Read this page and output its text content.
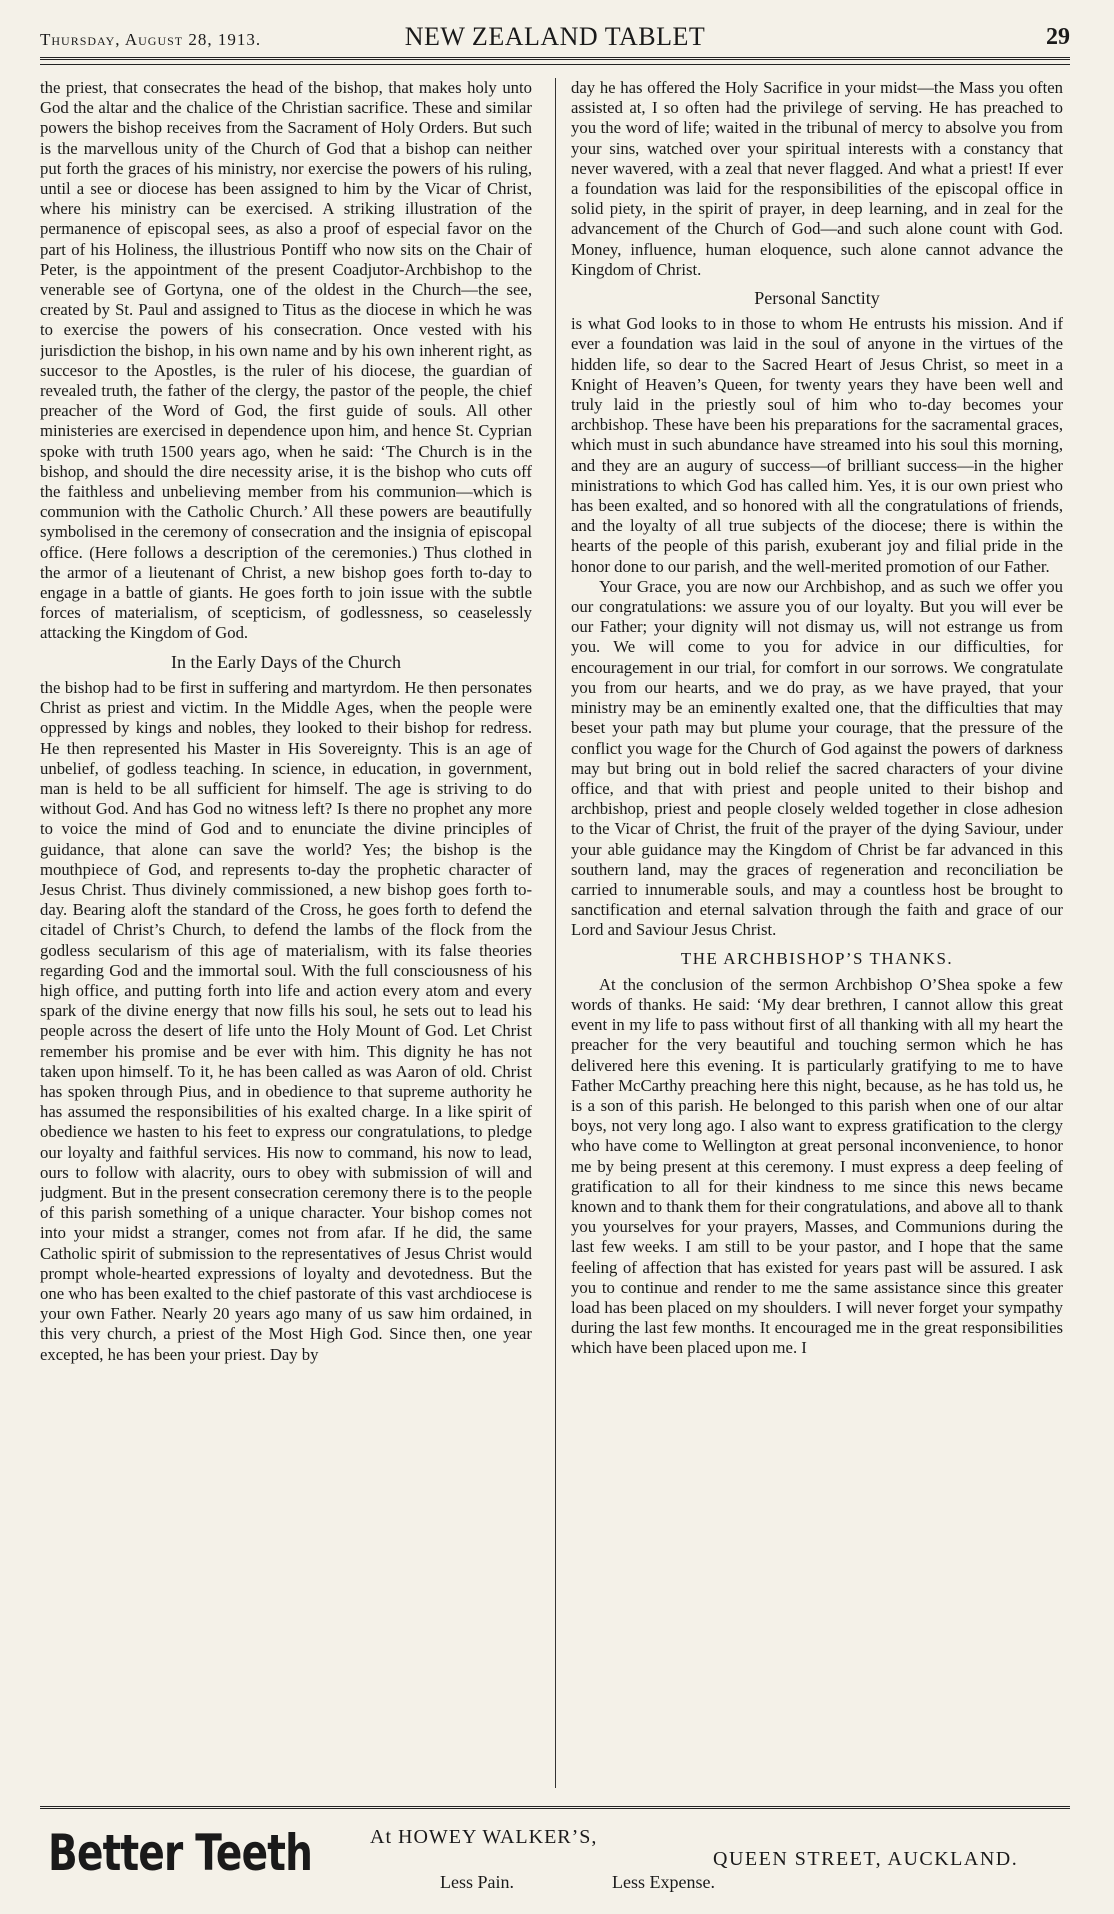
Thursday, August 28, 1913.	NEW ZEALAND TABLET	29

the priest, that consecrates the head of the bishop, that makes holy unto God the altar and the chalice of the Christian sacrifice. These and similar powers the bishop receives from the Sacrament of Holy Orders. But such is the marvellous unity of the Church of God that a bishop can neither put forth the graces of his ministry, nor exercise the powers of his ruling, until a see or diocese has been assigned to him by the Vicar of Christ, where his ministry can be exercised. A striking illustration of the permanence of episcopal sees, as also a proof of especial favor on the part of his Holiness, the illustrious Pontiff who now sits on the Chair of Peter, is the appointment of the present Coadjutor-Archbishop to the venerable see of Gortyna, one of the oldest in the Church—the see, created by St. Paul and assigned to Titus as the diocese in which he was to exercise the powers of his consecration. Once vested with his jurisdiction the bishop, in his own name and by his own inherent right, as succesor to the Apostles, is the ruler of his diocese, the guardian of revealed truth, the father of the clergy, the pastor of the people, the chief preacher of the Word of God, the first guide of souls. All other ministeries are exercised in dependence upon him, and hence St. Cyprian spoke with truth 1500 years ago, when he said: ‘The Church is in the bishop, and should the dire necessity arise, it is the bishop who cuts off the faithless and unbelieving member from his communion—which is communion with the Catholic Church.’ All these powers are beautifully symbolised in the ceremony of consecration and the insignia of episcopal office. (Here follows a description of the ceremonies.) Thus clothed in the armor of a lieutenant of Christ, a new bishop goes forth to-day to engage in a battle of giants. He goes forth to join issue with the subtle forces of materialism, of scepticism, of godlessness, so ceaselessly attacking the Kingdom of God.

In the Early Days of the Church

the bishop had to be first in suffering and martyrdom. He then personates Christ as priest and victim. In the Middle Ages, when the people were oppressed by kings and nobles, they looked to their bishop for redress. He then represented his Master in His Sovereignty. This is an age of unbelief, of godless teaching. In science, in education, in government, man is held to be all sufficient for himself. The age is striving to do without God. And has God no witness left? Is there no prophet any more to voice the mind of God and to enunciate the divine principles of guidance, that alone can save the world? Yes; the bishop is the mouthpiece of God, and represents to-day the prophetic character of Jesus Christ. Thus divinely commissioned, a new bishop goes forth to-day. Bearing aloft the standard of the Cross, he goes forth to defend the citadel of Christ’s Church, to defend the lambs of the flock from the godless secularism of this age of materialism, with its false theories regarding God and the immortal soul. With the full consciousness of his high office, and putting forth into life and action every atom and every spark of the divine energy that now fills his soul, he sets out to lead his people across the desert of life unto the Holy Mount of God. Let Christ remember his promise and be ever with him. This dignity he has not taken upon himself. To it, he has been called as was Aaron of old. Christ has spoken through Pius, and in obedience to that supreme authority he has assumed the responsibilities of his exalted charge. In a like spirit of obedience we hasten to his feet to express our congratulations, to pledge our loyalty and faithful services. His now to command, his now to lead, ours to follow with alacrity, ours to obey with submission of will and judgment. But in the present consecration ceremony there is to the people of this parish something of a unique character. Your bishop comes not into your midst a stranger, comes not from afar. If he did, the same Catholic spirit of submission to the representatives of Jesus Christ would prompt whole-hearted expressions of loyalty and devotedness. But the one who has been exalted to the chief pastorate of this vast archdiocese is your own Father. Nearly 20 years ago many of us saw him ordained, in this very church, a priest of the Most High God. Since then, one year excepted, he has been your priest. Day by

day he has offered the Holy Sacrifice in your midst—the Mass you often assisted at, I so often had the privilege of serving. He has preached to you the word of life; waited in the tribunal of mercy to absolve you from your sins, watched over your spiritual interests with a constancy that never wavered, with a zeal that never flagged. And what a priest! If ever a foundation was laid for the responsibilities of the episcopal office in solid piety, in the spirit of prayer, in deep learning, and in zeal for the advancement of the Church of God—and such alone count with God. Money, influence, human eloquence, such alone cannot advance the Kingdom of Christ.

Personal Sanctity

is what God looks to in those to whom He entrusts his mission. And if ever a foundation was laid in the soul of anyone in the virtues of the hidden life, so dear to the Sacred Heart of Jesus Christ, so meet in a Knight of Heaven’s Queen, for twenty years they have been well and truly laid in the priestly soul of him who to-day becomes your archbishop. These have been his preparations for the sacramental graces, which must in such abundance have streamed into his soul this morning, and they are an augury of success—of brilliant success—in the higher ministrations to which God has called him. Yes, it is our own priest who has been exalted, and so honored with all the congratulations of friends, and the loyalty of all true subjects of the diocese; there is within the hearts of the people of this parish, exuberant joy and filial pride in the honor done to our parish, and the well-merited promotion of our Father.

Your Grace, you are now our Archbishop, and as such we offer you our congratulations: we assure you of our loyalty. But you will ever be our Father; your dignity will not dismay us, will not estrange us from you. We will come to you for advice in our difficulties, for encouragement in our trial, for comfort in our sorrows. We congratulate you from our hearts, and we do pray, as we have prayed, that your ministry may be an eminently exalted one, that the difficulties that may beset your path may but plume your courage, that the pressure of the conflict you wage for the Church of God against the powers of darkness may but bring out in bold relief the sacred characters of your divine office, and that with priest and people united to their bishop and archbishop, priest and people closely welded together in close adhesion to the Vicar of Christ, the fruit of the prayer of the dying Saviour, under your able guidance may the Kingdom of Christ be far advanced in this southern land, may the graces of regeneration and reconciliation be carried to innumerable souls, and may a countless host be brought to sanctification and eternal salvation through the faith and grace of our Lord and Saviour Jesus Christ.

THE ARCHBISHOP’S THANKS.

At the conclusion of the sermon Archbishop O’Shea spoke a few words of thanks. He said: ‘My dear brethren, I cannot allow this great event in my life to pass without first of all thanking with all my heart the preacher for the very beautiful and touching sermon which he has delivered here this evening. It is particularly gratifying to me to have Father McCarthy preaching here this night, because, as he has told us, he is a son of this parish. He belonged to this parish when one of our altar boys, not very long ago. I also want to express gratification to the clergy who have come to Wellington at great personal inconvenience, to honor me by being present at this ceremony. I must express a deep feeling of gratification to all for their kindness to me since this news became known and to thank them for their congratulations, and above all to thank you yourselves for your prayers, Masses, and Communions during the last few weeks. I am still to be your pastor, and I hope that the same feeling of affection that has existed for years past will be assured. I ask you to continue and render to me the same assistance since this greater load has been placed on my shoulders. I will never forget your sympathy during the last few months. It encouraged me in the great responsibilities which have been placed upon me. I

Better Teeth	At HOWEY WALKER’S,
QUEEN STREET, AUCKLAND.
Less Pain.	Less Expense.
